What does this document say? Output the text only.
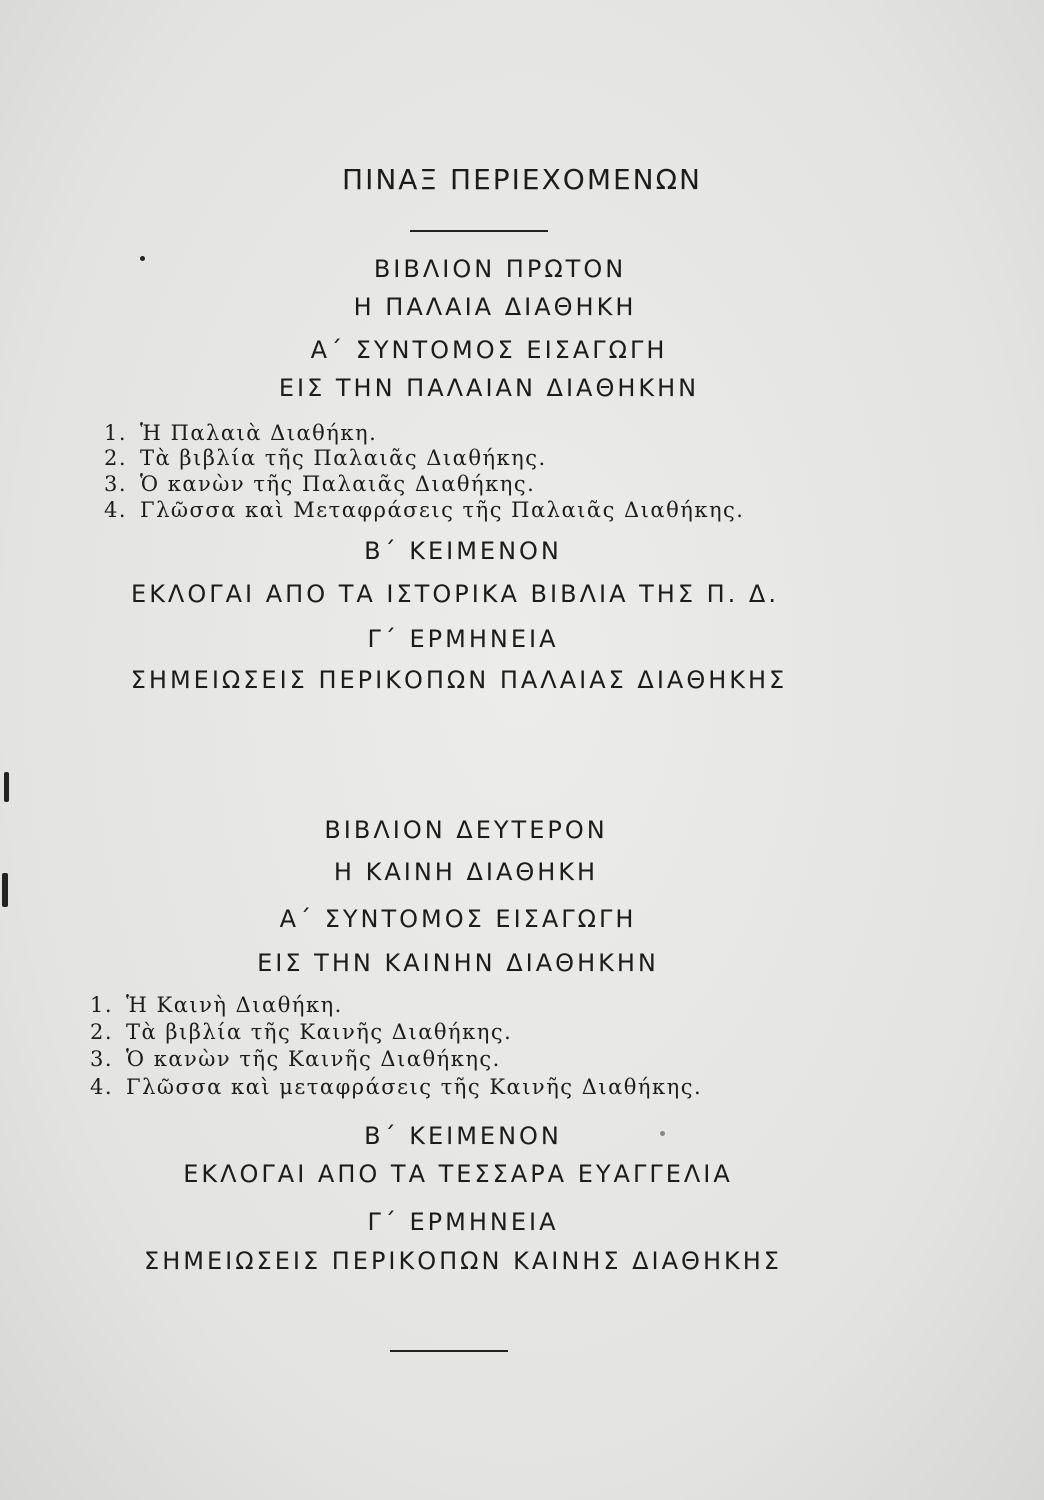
ΠΙΝΑΞ ΠΕΡΙΕΧΟΜΕΝΩΝ
ΒΙΒΛΙΟΝ ΠΡΩΤΟΝ
Η ΠΑΛΑΙΑ ΔΙΑΘΗΚΗ
Α΄ ΣΥΝΤΟΜΟΣ ΕΙΣΑΓΩΓΗ
ΕΙΣ ΤΗΝ ΠΑΛΑΙΑΝ ΔΙΑΘΗΚΗΝ
1. Ἡ Παλαιὰ Διαθήκη.
2. Τὰ βιβλία τῆς Παλαιᾶς Διαθήκης.
3. Ὁ κανὼν τῆς Παλαιᾶς Διαθήκης.
4. Γλῶσσα καὶ Μεταφράσεις τῆς Παλαιᾶς Διαθήκης.
Β΄ ΚΕΙΜΕΝΟΝ
ΕΚΛΟΓΑΙ ΑΠΟ ΤΑ ΙΣΤΟΡΙΚΑ ΒΙΒΛΙΑ ΤΗΣ Π. Δ.
Γ΄ ΕΡΜΗΝΕΙΑ
ΣΗΜΕΙΩΣΕΙΣ ΠΕΡΙΚΟΠΩΝ ΠΑΛΑΙΑΣ ΔΙΑΘΗΚΗΣ
ΒΙΒΛΙΟΝ ΔΕΥΤΕΡΟΝ
Η ΚΑΙΝΗ ΔΙΑΘΗΚΗ
Α΄ ΣΥΝΤΟΜΟΣ ΕΙΣΑΓΩΓΗ
ΕΙΣ ΤΗΝ ΚΑΙΝΗΝ ΔΙΑΘΗΚΗΝ
1. Ἡ Καινὴ Διαθήκη.
2. Τὰ βιβλία τῆς Καινῆς Διαθήκης.
3. Ὁ κανὼν τῆς Καινῆς Διαθήκης.
4. Γλῶσσα καὶ μεταφράσεις τῆς Καινῆς Διαθήκης.
Β΄ ΚΕΙΜΕΝΟΝ
ΕΚΛΟΓΑΙ ΑΠΟ ΤΑ ΤΕΣΣΑΡΑ ΕΥΑΓΓΕΛΙΑ
Γ΄ ΕΡΜΗΝΕΙΑ
ΣΗΜΕΙΩΣΕΙΣ ΠΕΡΙΚΟΠΩΝ ΚΑΙΝΗΣ ΔΙΑΘΗΚΗΣ
